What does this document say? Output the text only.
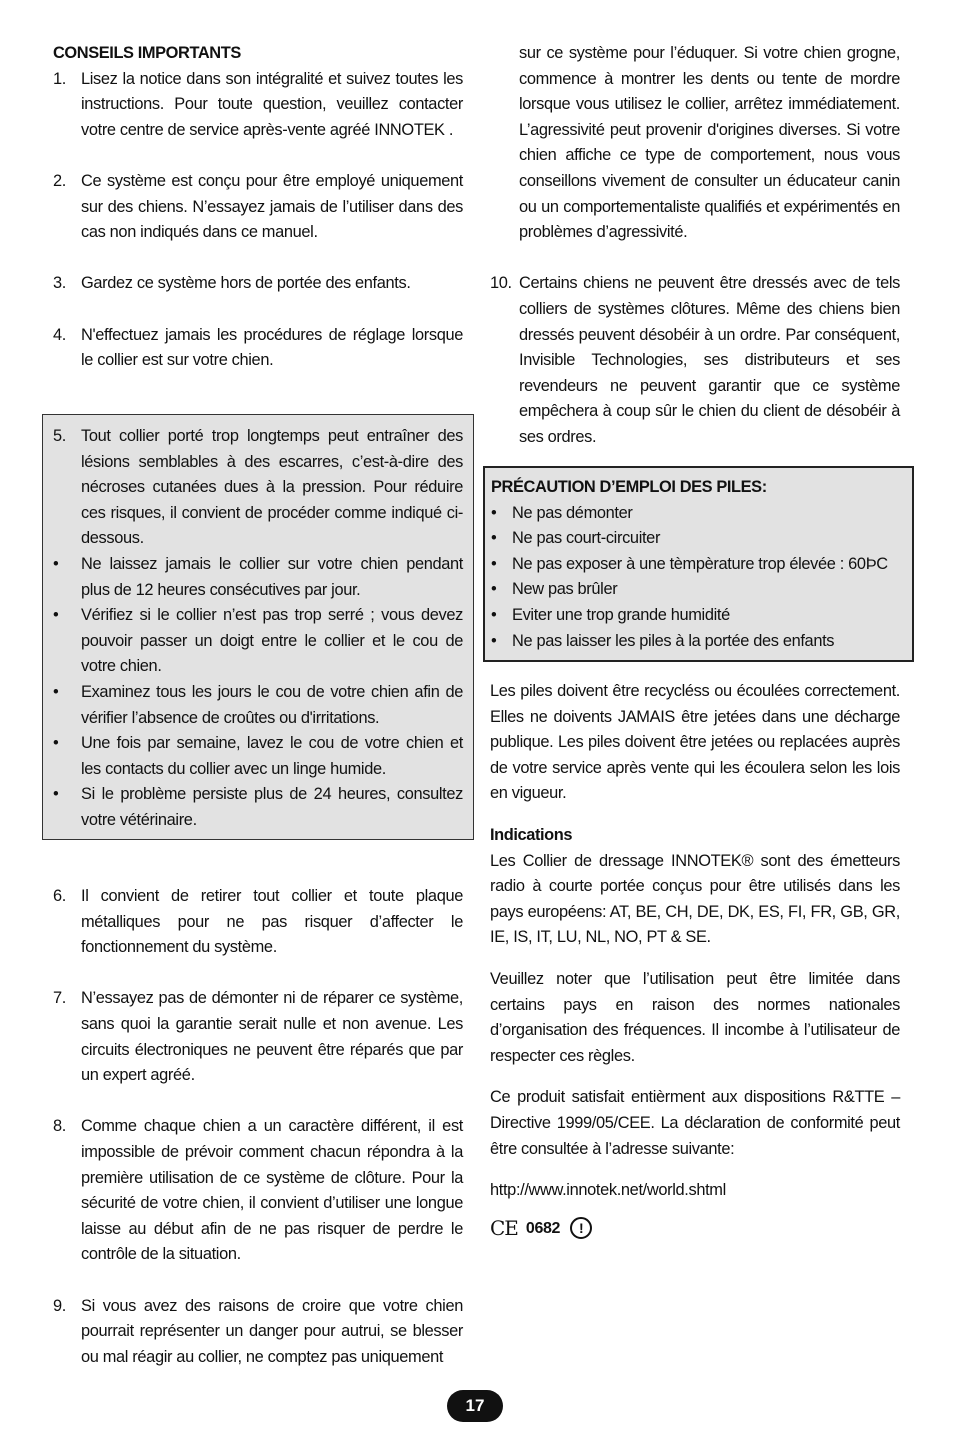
CONSEILS IMPORTANTS
1. Lisez la notice dans son intégralité et suivez toutes les instructions. Pour toute question, veuillez contacter votre centre de service après-vente agréé INNOTEK .
2. Ce système est conçu pour être employé uniquement sur des chiens. N’essayez jamais de l’utiliser dans des cas non indiqués dans ce manuel.
3. Gardez ce système hors de portée des enfants.
4. N'effectuez jamais les procédures de réglage lorsque le collier est sur votre chien.
5. Tout collier porté trop longtemps peut entraîner des lésions semblables à des escarres, c’est-à-dire des nécroses cutanées dues à la pression. Pour réduire ces risques, il convient de procéder comme indiqué ci-dessous.
•	Ne laissez jamais le collier sur votre chien pendant plus de 12 heures consécutives par jour.
•	Vérifiez si le collier n’est pas trop serré ; vous devez pouvoir passer un doigt entre le collier et le cou de votre chien.
•	Examinez tous les jours le cou de votre chien afin de vérifier l’absence de croûtes ou d'irritations.
•	Une fois par semaine, lavez le cou de votre chien et les contacts du collier avec un linge humide.
•	Si le problème persiste plus de 24 heures, consultez votre vétérinaire.
6. Il convient de retirer tout collier et toute plaque métalliques pour ne pas risquer d’affecter le fonctionnement du système.
7. N’essayez pas de démonter ni de réparer ce système, sans quoi la garantie serait nulle et non avenue. Les circuits électroniques ne peuvent être réparés que par un expert agréé.
8. Comme chaque chien a un caractère différent, il est impossible de prévoir comment chacun répondra à la première utilisation de ce système de clôture. Pour la sécurité de votre chien, il convient d’utiliser une longue laisse au début afin de ne pas risquer de perdre le contrôle de la situation.
9. Si vous avez des raisons de croire que votre chien pourrait représenter un danger pour autrui, se blesser ou mal réagir au collier, ne comptez pas uniquement
sur ce système pour l’éduquer. Si votre chien grogne, commence à montrer les dents ou tente de mordre lorsque vous utilisez le collier, arrêtez immédiatement. L’agressivité peut provenir d'origines diverses. Si votre chien affiche ce type de comportement, nous vous conseillons vivement de consulter un éducateur canin ou un comportementaliste qualifiés et expérimentés en problèmes d’agressivité.
10. Certains chiens ne peuvent être dressés avec de tels colliers de systèmes clôtures. Même des chiens bien dressés peuvent désobéir à un ordre. Par conséquent, Invisible Technologies, ses distributeurs et ses revendeurs ne peuvent garantir que ce système empêchera à coup sûr le chien du client de désobéir à ses ordres.
PRÉCAUTION D’EMPLOI DES PILES:
• Ne pas démonter
• Ne pas court-circuiter
• Ne pas exposer à une tèmpèrature trop élevée : 60ÞC
• New pas brûler
• Eviter une trop grande humidité
• Ne pas laisser les piles à la portée des enfants
Les piles doivent être recycléss ou écoulées correctement. Elles ne doivents JAMAIS être jetées dans une décharge publique. Les piles doivent être jetées ou replacées auprès de votre service après vente qui les écoulera selon les lois en vigueur.
Indications
Les Collier de dressage INNOTEK® sont des émetteurs radio à courte portée conçus pour être utilisés dans les pays européens: AT, BE, CH, DE, DK, ES, FI, FR, GB, GR, IE, IS, IT, LU, NL, NO, PT & SE.
Veuillez noter que l’utilisation peut être limitée dans certains pays en raison des normes nationales d’organisation des fréquences. Il incombe à l’utilisateur de respecter ces règles.
Ce produit satisfait entièrment aux dispositions R&TTE – Directive 1999/05/CEE. La déclaration de conformité peut être consultée à l’adresse suivante:
http://www.innotek.net/world.shtml
CE 0682	!
17
